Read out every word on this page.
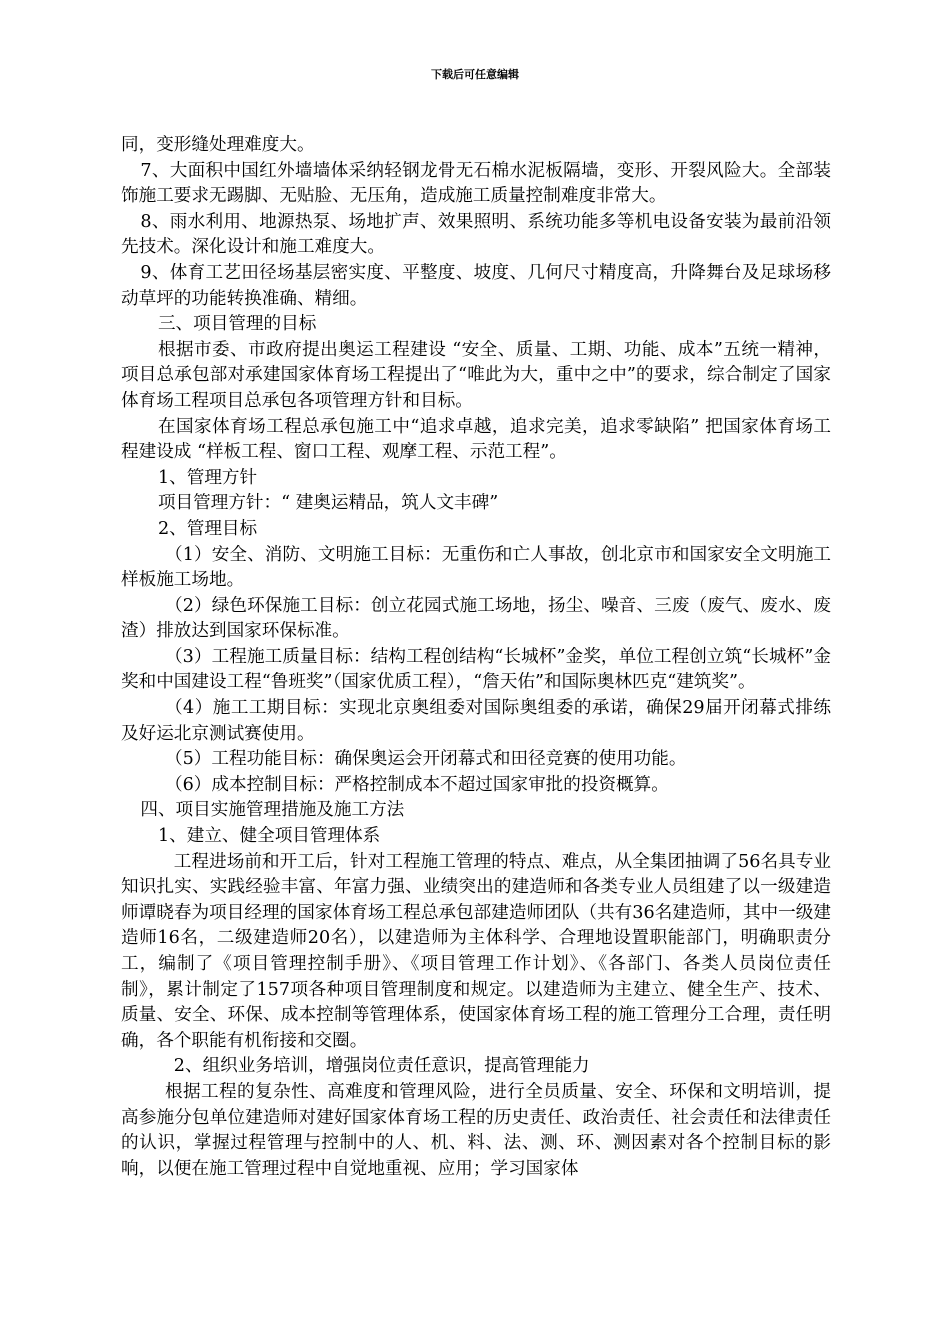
下载后可任意编辑

同，变形缝处理难度大。

7、大面积中国红外墙墙体采纳轻钢龙骨无石棉水泥板隔墙，变形、开裂风险大。全部装饰施工要求无踢脚、无贴脸、无压角，造成施工质量控制难度非常大。

8、雨水利用、地源热泵、场地扩声、效果照明、系统功能多等机电设备安装为最前沿领先技术。深化设计和施工难度大。

9、体育工艺田径场基层密实度、平整度、坡度、几何尺寸精度高，升降舞台及足球场移动草坪的功能转换准确、精细。

三、项目管理的目标

根据市委、市政府提出奥运工程建设 “安全、质量、工期、功能、成本”五统一精神，项目总承包部对承建国家体育场工程提出了“唯此为大，重中之中”的要求，综合制定了国家体育场工程项目总承包各项管理方针和目标。

在国家体育场工程总承包施工中“追求卓越，追求完美，追求零缺陷” 把国家体育场工程建设成 “样板工程、窗口工程、观摩工程、示范工程”。

1、管理方针

项目管理方针：“ 建奥运精品，筑人文丰碑”

2、管理目标

（1）安全、消防、文明施工目标：无重伤和亡人事故，创北京市和国家安全文明施工样板施工场地。

（2）绿色环保施工目标：创立花园式施工场地，扬尘、噪音、三废（废气、废水、废渣）排放达到国家环保标准。

（3）工程施工质量目标：结构工程创结构“长城杯”金奖，单位工程创立筑“长城杯”金奖和中国建设工程“鲁班奖”（国家优质工程），“詹天佑”和国际奥林匹克“建筑奖”。

（4）施工工期目标：实现北京奥组委对国际奥组委的承诺，确保29届开闭幕式排练及好运北京测试赛使用。

（5）工程功能目标：确保奥运会开闭幕式和田径竞赛的使用功能。

（6）成本控制目标：严格控制成本不超过国家审批的投资概算。

四、项目实施管理措施及施工方法

1、建立、健全项目管理体系

工程进场前和开工后，针对工程施工管理的特点、难点，从全集团抽调了56名具专业知识扎实、实践经验丰富、年富力强、业绩突出的建造师和各类专业人员组建了以一级建造师谭晓春为项目经理的国家体育场工程总承包部建造师团队（共有36名建造师，其中一级建造师16名，二级建造师20名），以建造师为主体科学、合理地设置职能部门，明确职责分工，编制了《项目管理控制手册》、《项目管理工作计划》、《各部门、各类人员岗位责任制》，累计制定了157项各种项目管理制度和规定。以建造师为主建立、健全生产、技术、质量、安全、环保、成本控制等管理体系，使国家体育场工程的施工管理分工合理，责任明确，各个职能有机衔接和交圈。

2、组织业务培训，增强岗位责任意识，提高管理能力

根据工程的复杂性、高难度和管理风险，进行全员质量、安全、环保和文明培训，提高参施分包单位建造师对建好国家体育场工程的历史责任、政治责任、社会责任和法律责任的认识，掌握过程管理与控制中的人、机、料、法、测、环、测因素对各个控制目标的影响，以便在施工管理过程中自觉地重视、应用；学习国家体
